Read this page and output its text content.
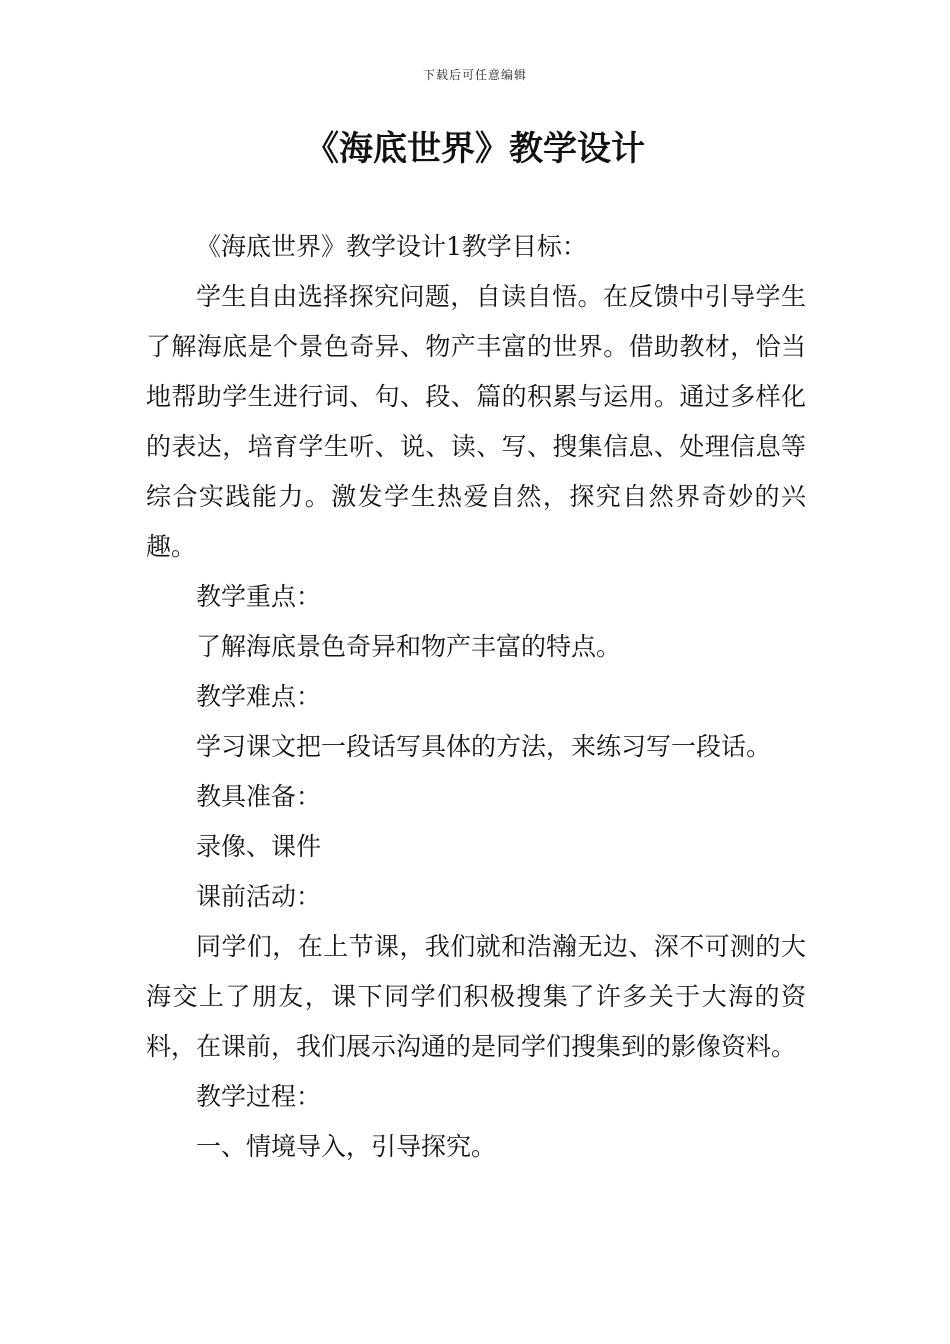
下载后可任意编辑
《海底世界》教学设计

《海底世界》教学设计1教学目标：

学生自由选择探究问题，自读自悟。在反馈中引导学生了解海底是个景色奇异、物产丰富的世界。借助教材，恰当地帮助学生进行词、句、段、篇的积累与运用。通过多样化的表达，培育学生听、说、读、写、搜集信息、处理信息等综合实践能力。激发学生热爱自然，探究自然界奇妙的兴趣。

教学重点：

了解海底景色奇异和物产丰富的特点。

教学难点：

学习课文把一段话写具体的方法，来练习写一段话。

教具准备：

录像、课件

课前活动：

同学们，在上节课，我们就和浩瀚无边、深不可测的大海交上了朋友，课下同学们积极搜集了许多关于大海的资料，在课前，我们展示沟通的是同学们搜集到的影像资料。

教学过程：

一、情境导入，引导探究。
